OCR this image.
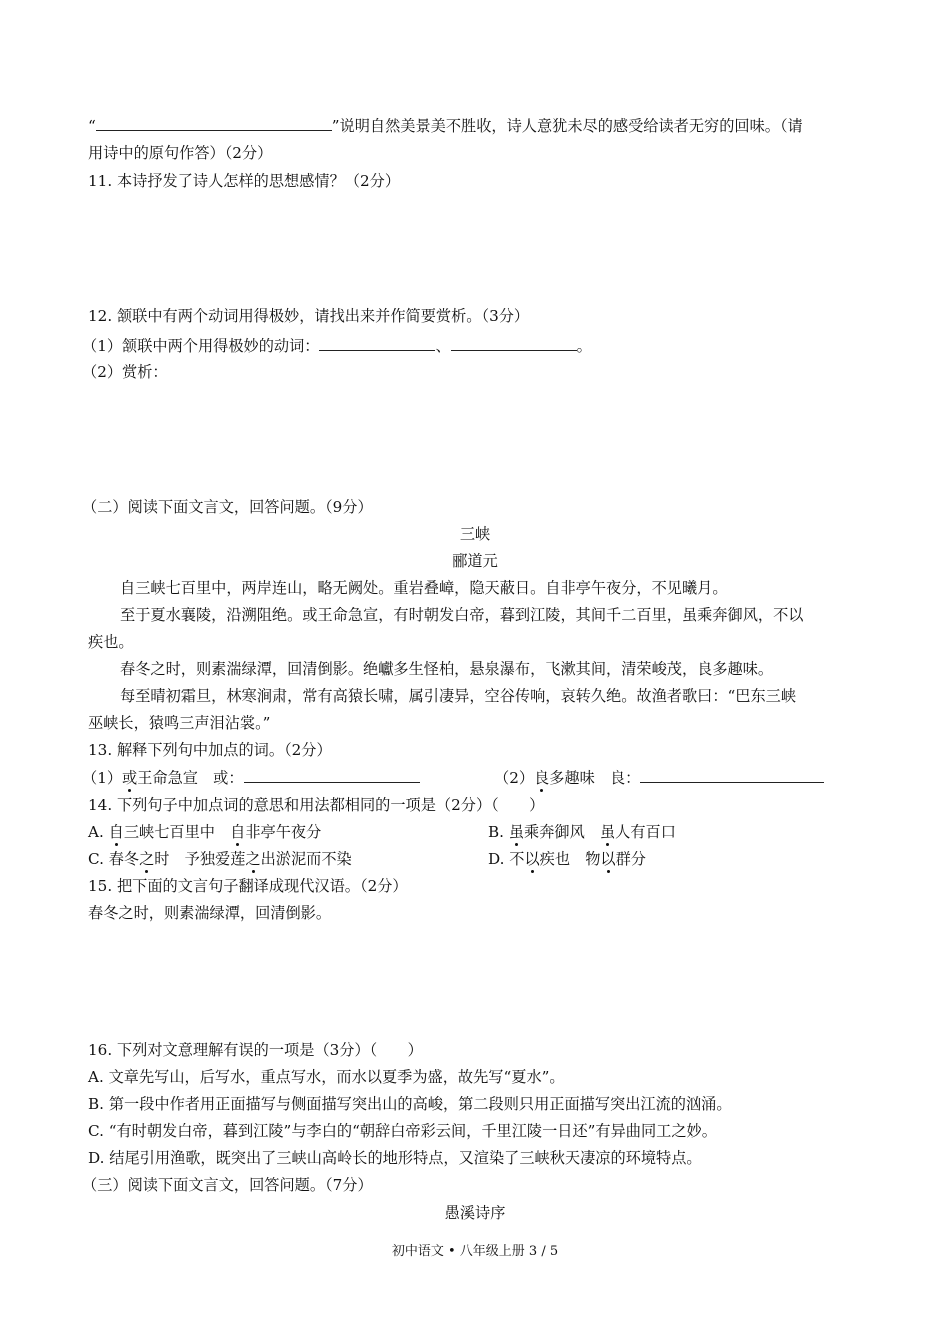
“	”说明自然美景美不胜收，诗人意犹未尽的感受给读者无穷的回味。（请
用诗中的原句作答）（2分）
11. 本诗抒发了诗人怎样的思想感情？（2分）
12. 颔联中有两个动词用得极妙，请找出来并作简要赏析。（3分）
（1）颔联中两个用得极妙的动词：	、	。
（2）赏析：
（二）阅读下面文言文，回答问题。（9分）
三峡
郦道元
自三峡七百里中，两岸连山，略无阙处。重岩叠嶂，隐天蔽日。自非亭午夜分，不见曦月。
至于夏水襄陵，沿溯阻绝。或王命急宣，有时朝发白帝，暮到江陵，其间千二百里，虽乘奔御风，不以
疾也。
春冬之时，则素湍绿潭，回清倒影。绝巘多生怪柏，悬泉瀑布，飞漱其间，清荣峻茂，良多趣味。
每至晴初霜旦，林寒涧肃，常有高猿长啸，属引凄异，空谷传响，哀转久绝。故渔者歌曰：“巴东三峡
巫峡长，猿鸣三声泪沾裳。”
13. 解释下列句中加点的词。（2分）
（1）或王命急宣　或：	（2）良多趣味　良：
14. 下列句子中加点词的意思和用法都相同的一项是（2分）（　　）
A. 自三峡七百里中　自非亭午夜分	B. 虽乘奔御风　虽人有百口
C. 春冬之时　予独爱莲之出淤泥而不染	D. 不以疾也　物以群分
15. 把下面的文言句子翻译成现代汉语。（2分）
春冬之时，则素湍绿潭，回清倒影。
16. 下列对文意理解有误的一项是（3分）（　　）
A. 文章先写山，后写水，重点写水，而水以夏季为盛，故先写“夏水”。
B. 第一段中作者用正面描写与侧面描写突出山的高峻，第二段则只用正面描写突出江流的汹涌。
C. “有时朝发白帝，暮到江陵”与李白的“朝辞白帝彩云间，千里江陵一日还”有异曲同工之妙。
D. 结尾引用渔歌，既突出了三峡山高岭长的地形特点，又渲染了三峡秋天凄凉的环境特点。
（三）阅读下面文言文，回答问题。（7分）
愚溪诗序
初中语文 • 八年级上册 3 / 5
